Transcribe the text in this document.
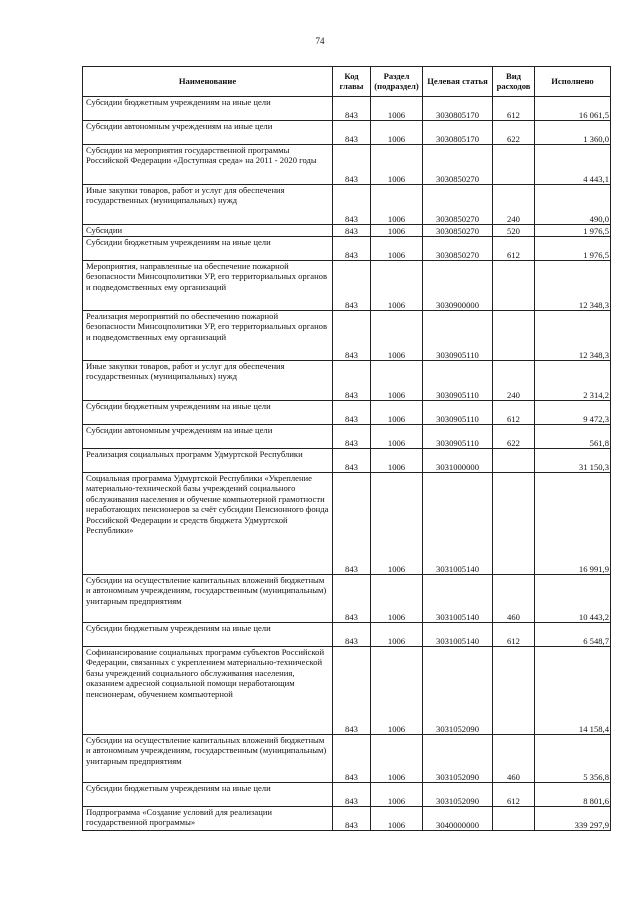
74
Наименование	Код главы	Раздел (подраздел)	Целевая статья	Вид расходов	Исполнено
Субсидии бюджетным учреждениям на иные цели	843	1006	3030805170	612	16 061,5
Субсидии автономным учреждениям на иные цели	843	1006	3030805170	622	1 360,0
Субсидии на мероприятия государственной программы Российской Федерации «Доступная среда» на 2011 - 2020 годы	843	1006	3030850270		4 443,1
Иные закупки товаров, работ и услуг для обеспечения государственных (муниципальных) нужд	843	1006	3030850270	240	490,0
Субсидии	843	1006	3030850270	520	1 976,5
Субсидии бюджетным учреждениям на иные цели	843	1006	3030850270	612	1 976,5
Мероприятия, направленные на обеспечение пожарной безопасности Минсоцполитики УР, его территориальных органов и подведомственных ему организаций	843	1006	3030900000		12 348,3
Реализация мероприятий по обеспечению пожарной безопасности Минсоцполитики УР, его территориальных органов и подведомственных ему организаций	843	1006	3030905110		12 348,3
Иные закупки товаров, работ и услуг для обеспечения государственных (муниципальных) нужд	843	1006	3030905110	240	2 314,2
Субсидии бюджетным учреждениям на иные цели	843	1006	3030905110	612	9 472,3
Субсидии автономным учреждениям на иные цели	843	1006	3030905110	622	561,8
Реализация социальных программ Удмуртской Республики	843	1006	3031000000		31 150,3
Социальная программа Удмуртской Республики «Укрепление материально-технической базы учреждений социального обслуживания населения и обучение компьютерной грамотности неработающих пенсионеров за счёт субсидии Пенсионного фонда Российской Федерации и средств бюджета Удмуртской Республики»	843	1006	3031005140		16 991,9
Субсидии на осуществление капитальных вложений бюджетным и автономным учреждениям, государственным (муниципальным) унитарным предприятиям	843	1006	3031005140	460	10 443,2
Субсидии бюджетным учреждениям на иные цели	843	1006	3031005140	612	6 548,7
Софинансирование социальных программ субъектов Российской Федерации, связанных с укреплением материально-технической базы учреждений социального обслуживания населения, оказанием адресной социальной помощи неработающим пенсионерам, обучением компьютерной	843	1006	3031052090		14 158,4
Субсидии на осуществление капитальных вложений бюджетным и автономным учреждениям, государственным (муниципальным) унитарным предприятиям	843	1006	3031052090	460	5 356,8
Субсидии бюджетным учреждениям на иные цели	843	1006	3031052090	612	8 801,6
Подпрограмма «Создание условий для реализации государственной программы»	843	1006	3040000000		339 297,9
